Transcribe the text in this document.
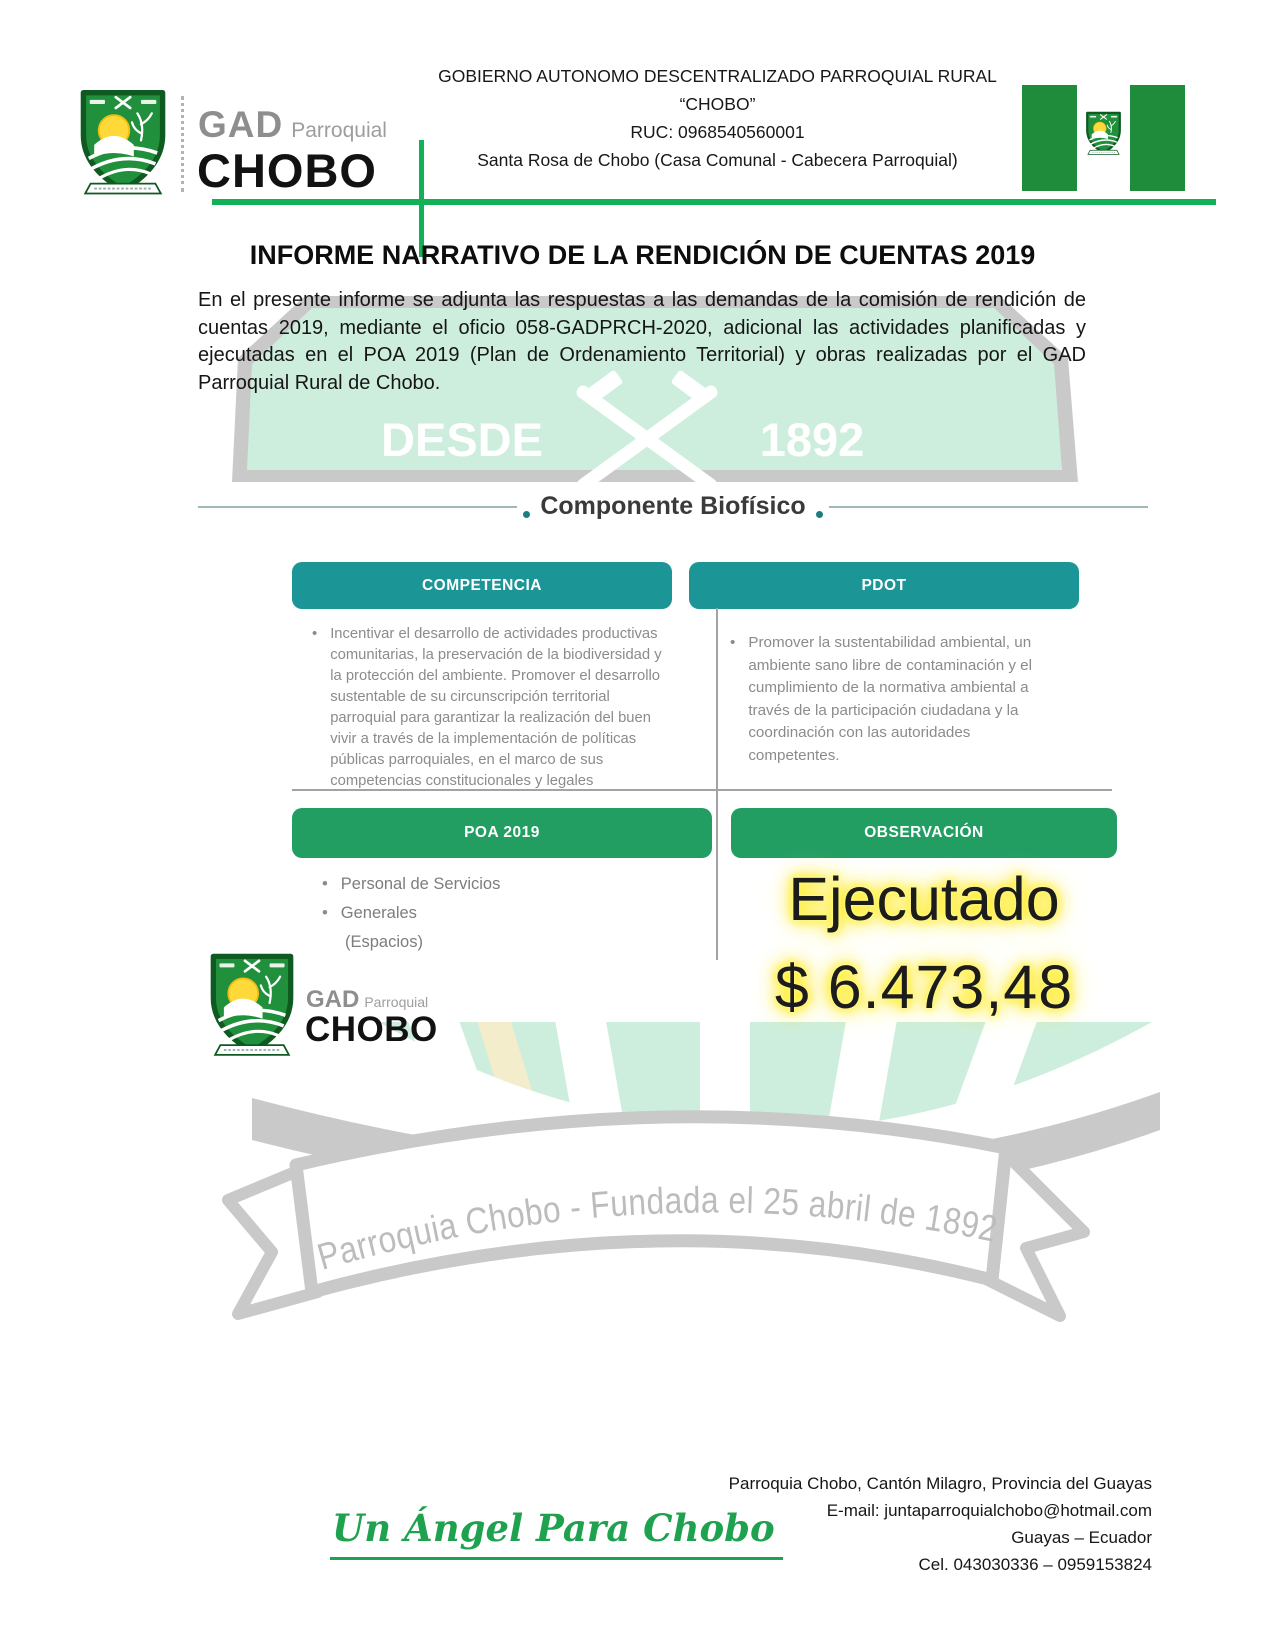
DESDE	1892
Parroquia Chobo - Fundada el 25 abril de 1892
GAD Parroquial
CHOBO
GOBIERNO AUTONOMO DESCENTRALIZADO PARROQUIAL RURAL
“CHOBO”
RUC: 0968540560001
Santa Rosa de Chobo (Casa Comunal - Cabecera Parroquial)
INFORME NARRATIVO DE LA RENDICIÓN DE CUENTAS 2019
En el presente informe se adjunta las respuestas a las demandas de la comisión de rendición de cuentas 2019, mediante el oficio 058-GADPRCH-2020, adicional las actividades planificadas y ejecutadas en el POA 2019 (Plan de Ordenamiento Territorial) y obras realizadas por el GAD Parroquial Rural de Chobo.
Componente Biofísico
COMPETENCIA	PDOT
•
Incentivar el desarrollo de actividades productivas comunitarias, la preservación de la biodiversidad y la protección del ambiente. Promover el desarrollo sustentable de su circunscripción territorial parroquial para garantizar la realización del buen vivir a través de la implementación de políticas públicas parroquiales, en el marco de sus competencias constitucionales y legales
•
Promover la sustentabilidad ambiental, un ambiente sano libre de contaminación y el cumplimiento de la normativa ambiental a través de la participación ciudadana y la coordinación con las autoridades competentes.
POA 2019	OBSERVACIÓN
•
Personal de Servicios
•
Generales
(Espacios)
Ejecutado
$ 6.473,48
GAD Parroquial
CHOBO
Un Ángel Para Chobo
Parroquia Chobo, Cantón Milagro, Provincia del Guayas
E-mail: juntaparroquialchobo@hotmail.com
Guayas – Ecuador
Cel. 043030336 – 0959153824
